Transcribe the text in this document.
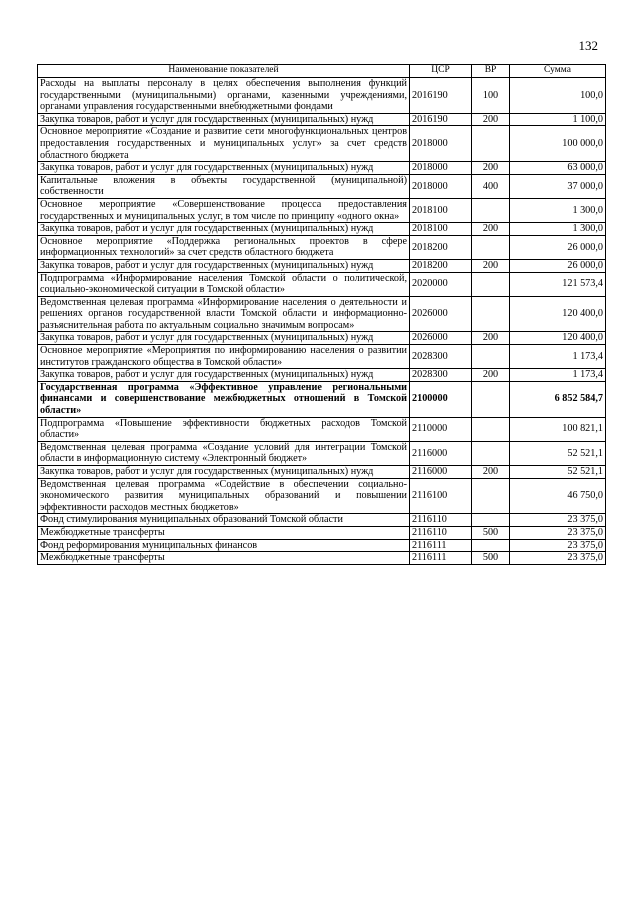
132
Наименование показателей	ЦСР	ВР	Сумма
Расходы на выплаты персоналу в целях обеспечения выполнения функций государственными (муниципальными) органами, казенными учреждениями, органами управления государственными внебюджетными фондами	2016190	100	100,0
Закупка товаров, работ и услуг для государственных (муниципальных) нужд	2016190	200	1 100,0
Основное мероприятие «Создание и развитие сети многофункциональных центров предоставления государственных и муниципальных услуг» за счет средств областного бюджета	2018000		100 000,0
Закупка товаров, работ и услуг для государственных (муниципальных) нужд	2018000	200	63 000,0
Капитальные вложения в объекты государственной (муниципальной) собственности	2018000	400	37 000,0
Основное мероприятие «Совершенствование процесса предоставления государственных и муниципальных услуг, в том числе по принципу «одного окна»	2018100		1 300,0
Закупка товаров, работ и услуг для государственных (муниципальных) нужд	2018100	200	1 300,0
Основное мероприятие «Поддержка региональных проектов в сфере информационных технологий» за счет средств областного бюджета	2018200		26 000,0
Закупка товаров, работ и услуг для государственных (муниципальных) нужд	2018200	200	26 000,0
Подпрограмма «Информирование населения Томской области о политической, социально-экономической ситуации в Томской области»	2020000		121 573,4
Ведомственная целевая программа «Информирование населения о деятельности и решениях органов государственной власти Томской области и информационно-разъяснительная работа по актуальным социально значимым вопросам»	2026000		120 400,0
Закупка товаров, работ и услуг для государственных (муниципальных) нужд	2026000	200	120 400,0
Основное мероприятие «Мероприятия по информированию населения о развитии институтов гражданского общества в Томской области»	2028300		1 173,4
Закупка товаров, работ и услуг для государственных (муниципальных) нужд	2028300	200	1 173,4
Государственная программа «Эффективное управление региональными финансами и совершенствование межбюджетных отношений в Томской области»	2100000		6 852 584,7
Подпрограмма «Повышение эффективности бюджетных расходов Томской области»	2110000		100 821,1
Ведомственная целевая программа «Создание условий для интеграции Томской области в информационную систему «Электронный бюджет»	2116000		52 521,1
Закупка товаров, работ и услуг для государственных (муниципальных) нужд	2116000	200	52 521,1
Ведомственная целевая программа «Содействие в обеспечении социально-экономического развития муниципальных образований и повышении эффективности расходов местных бюджетов»	2116100		46 750,0
Фонд стимулирования муниципальных образований Томской области	2116110		23 375,0
Межбюджетные трансферты	2116110	500	23 375,0
Фонд реформирования муниципальных финансов	2116111		23 375,0
Межбюджетные трансферты	2116111	500	23 375,0
